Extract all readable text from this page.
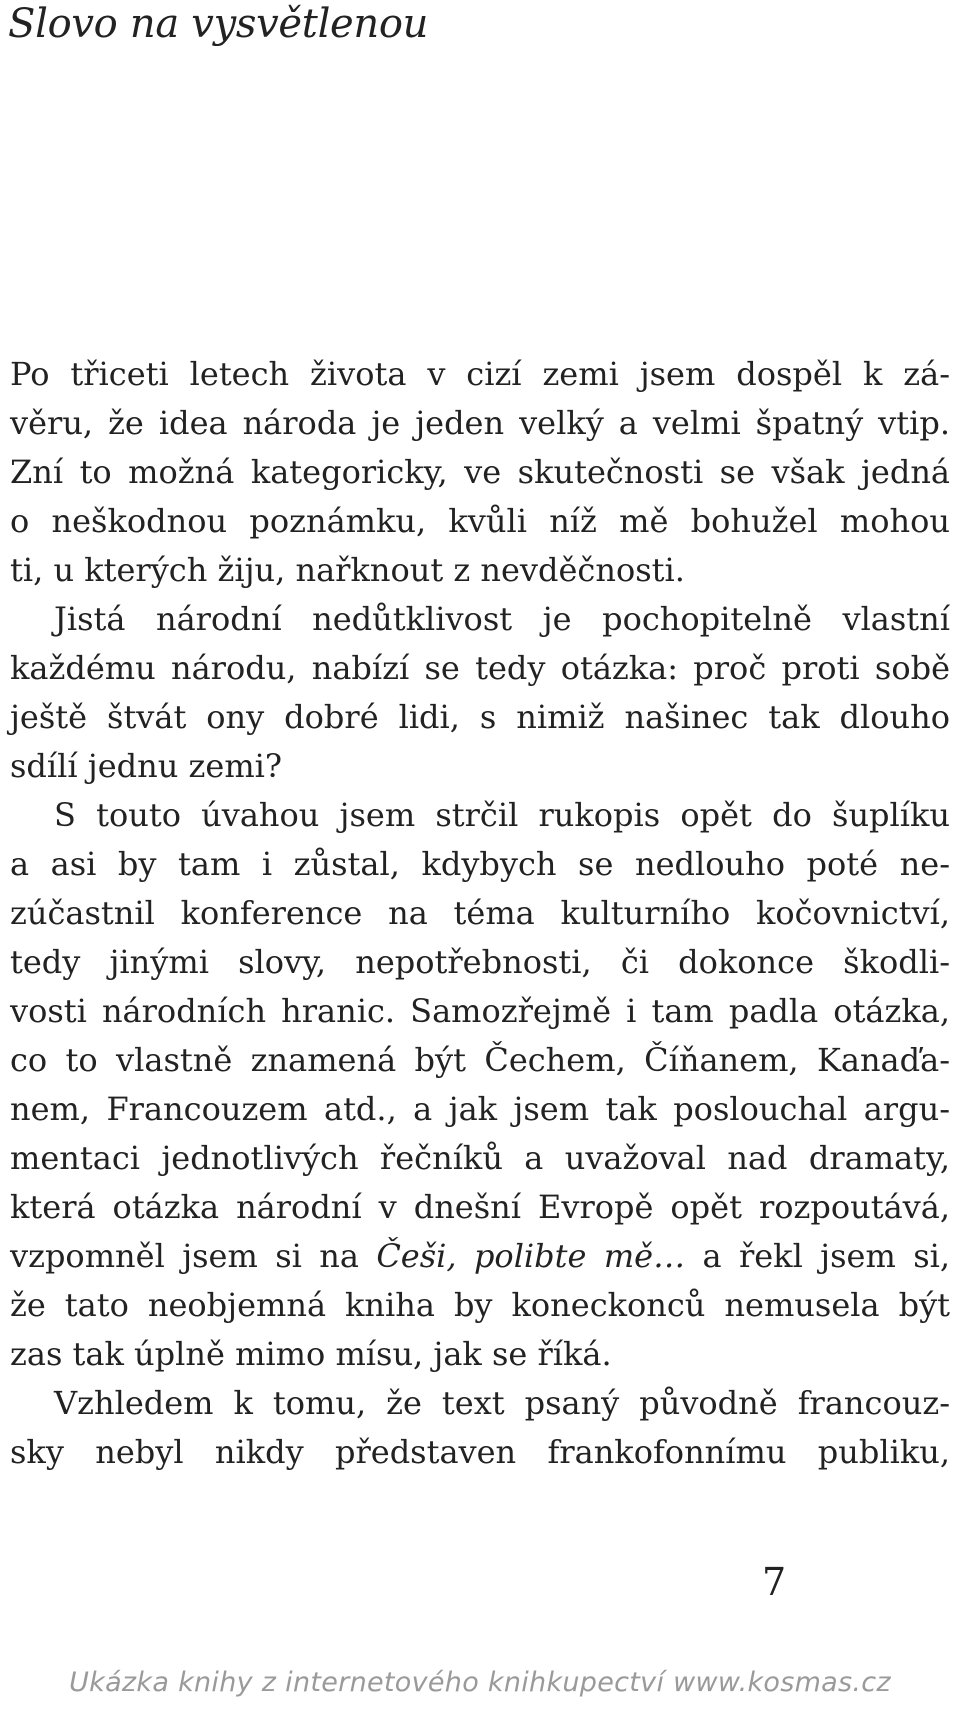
Slovo na vysvětlenou
Po třiceti letech života v cizí zemi jsem dospěl k zá-
věru, že idea národa je jeden velký a velmi špatný vtip.
Zní to možná kategoricky, ve skutečnosti se však jedná
o neškodnou poznámku, kvůli níž mě bohužel mohou
ti, u kterých žiju, nařknout z nevděčnosti.
Jistá národní nedůtklivost je pochopitelně vlastní
každému národu, nabízí se tedy otázka: proč proti sobě
ještě štvát ony dobré lidi, s nimiž našinec tak dlouho
sdílí jednu zemi?
S touto úvahou jsem strčil rukopis opět do šuplíku
a asi by tam i zůstal, kdybych se nedlouho poté ne-
zúčastnil konference na téma kulturního kočovnictví,
tedy jinými slovy, nepotřebnosti, či dokonce škodli-
vosti národních hranic. Samozřejmě i tam padla otázka,
co to vlastně znamená být Čechem, Číňanem, Kanaďa-
nem, Francouzem atd., a jak jsem tak poslouchal argu-
mentaci jednotlivých řečníků a uvažoval nad dramaty,
která otázka národní v dnešní Evropě opět rozpoutává,
vzpomněl jsem si na Češi, polibte mě… a řekl jsem si,
že tato neobjemná kniha by koneckonců nemusela být
zas tak úplně mimo mísu, jak se říká.
Vzhledem k tomu, že text psaný původně francouz-
sky nebyl nikdy představen frankofonnímu publiku,
7
Ukázka knihy z internetového knihkupectví www.kosmas.cz
